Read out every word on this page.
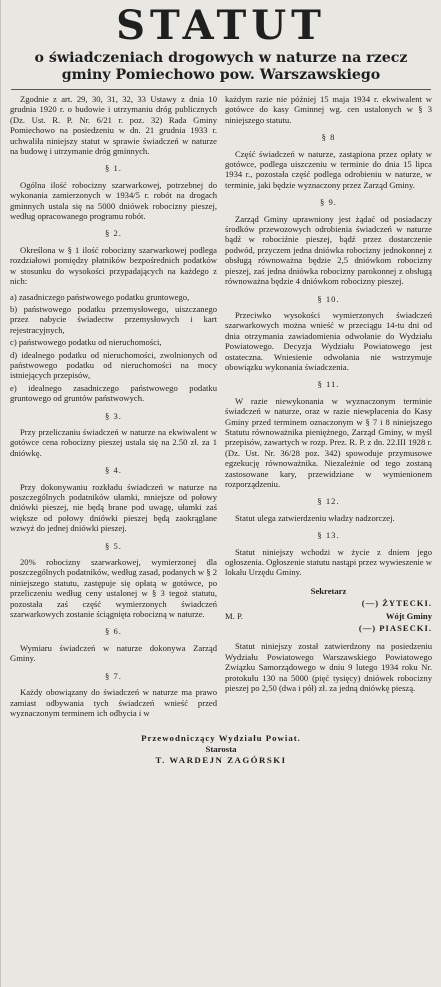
STATUT
o świadczeniach drogowych w naturze na rzecz gminy Pomiechowo pow. Warszawskiego

Zgodnie z art. 29, 30, 31, 32, 33 Ustawy z dnia 10 grudnia 1920 r. o budowie i utrzymaniu dróg publicznych (Dz. Ust. R. P. Nr. 6/21 r. poz. 32) Rada Gminy Pomiechowo na posiedzeniu w dn. 21 grudnia 1933 r. uchwaliła niniejszy statut w sprawie świadczeń w naturze na budowę i utrzymanie dróg gminnych.

§ 1.

Ogólna ilość robocizny szarwarkowej, potrzebnej do wykonania zamierzonych w 1934/5 r. robót na drogach gminnych ustala się na 5000 dniówek robocizny pieszej, według opracowanego programu robót.

§ 2.

Określona w § 1 ilość robocizny szarwarkowej podlega rozdziałowi pomiędzy płatników bezpośrednich podatków w stosunku do wysokości przypadających na każdego z nich:

a) zasadniczego państwowego podatku gruntowego,

b) państwowego podatku przemysłowego, uiszczanego przez nabycie świadectw przemysłowych i kart rejestracyjnych,

c) państwowego podatku od nieruchomości,

d) idealnego podatku od nieruchomości, zwolnionych od państwowego podatku od nieruchomości na mocy istniejących przepisów,

e) idealnego zasadniczego państwowego podatku gruntowego od gruntów państwowych.

§ 3.

Przy przeliczaniu świadczeń w naturze na ekwiwalent w gotówce cena robocizny pieszej ustala się na 2.50 zł. za 1 dniówkę.

§ 4.

Przy dokonywaniu rozkładu świadczeń w naturze na poszczególnych podatników ułamki, mniejsze od połowy dniówki pieszej, nie będą brane pod uwagę, ułamki zaś większe od połowy dniówki pieszej będą zaokrąglane wzwyż do jednej dniówki pieszej.

§ 5.

20% robocizny szarwarkowej, wymierzonej dla poszczególnych podatników, według zasad, podanych w § 2 niniejszego statutu, zastępuje się opłatą w gotówce, po przeliczeniu według ceny ustalonej w § 3 tegoż statutu, pozostała zaś część wymierzonych świadczeń szarwarkowych zostanie ściągnięta robocizną w naturze.

§ 6.

Wymiaru świadczeń w naturze dokonywa Zarząd Gminy.

§ 7.

Każdy obowiązany do świadczeń w naturze ma prawo zamiast odbywania tych świadczeń wnieść przed wyznaczonym terminem ich odbycia i w

każdym razie nie później 15 maja 1934 r. ekwiwalent w gotówce do kasy Gminnej wg. cen ustalonych w § 3 niniejszego statutu.

§ 8

Część świadczeń w naturze, zastąpiona przez opłaty w gotówce, podlega uiszczeniu w terminie do dnia 15 lipca 1934 r., pozostała część podlega odrobieniu w naturze, w terminie, jaki będzie wyznaczony przez Zarząd Gminy.

§ 9.

Zarząd Gminy uprawniony jest żądać od posiadaczy środków przewozowych odrobienia świadczeń w naturze bądź w robociźnie pieszej, bądź przez dostarczenie podwód, przyczem jedna dniówka robocizny jednokonnej z obsługą równoważna będzie 2,5 dniówkom robocizny pieszej, zaś jedna dniówka robocizny parokonnej z obsługą równoważna będzie 4 dniówkom robocizny pieszej.

§ 10.

Przeciwko wysokości wymierzonych świadczeń szarwarkowych można wnieść w przeciągu 14-tu dni od dnia otrzymania zawiadomienia odwołanie do Wydziału Powiatowego. Decyzja Wydziału Powiatowego jest ostateczna. Wniesienie odwołania nie wstrzymuje obowiązku wykonania świadczenia.

§ 11.

W razie niewykonania w wyznaczonym terminie świadczeń w naturze, oraz w razie niewpłacenia do Kasy Gminy przed terminem oznaczonym w § 7 i 8 niniejszego Statutu równoważnika pieniężnego, Zarząd Gminy, w myśl przepisów, zawartych w rozp. Prez. R. P. z dn. 22.III 1928 r. (Dz. Ust. Nr. 36/28 poz. 342) spowoduje przymusowe egzekucję równoważnika. Niezależnie od tego zostaną zastosowane kary, przewidziane w wymienionem rozporządzeniu.

§ 12.

Statut ulega zatwierdzeniu władzy nadzorczej.

§ 13.

Statut niniejszy wchodzi w życie z dniem jego ogłoszenia. Ogłoszenie statutu nastąpi przez wywieszenie w lokalu Urzędu Gminy.

Sekretarz
(—) ŻYTECKI.
M. P.	Wójt Gminy
(—) PIASECKI.

Statut niniejszy został zatwierdzony na posiedzeniu Wydziału Powiatowego Warszawskiego Powiatowego Związku Samorządowego w dniu 9 lutego 1934 roku Nr. protokułu 130 na 5000 (pięć tysięcy) dniówek robocizny pieszej po 2,50 (dwa i pół) zł. za jedną dniówkę pieszą.

Przewodniczący Wydziału Powiat.
Starosta
T. WARDEJN ZAGÓRSKI
